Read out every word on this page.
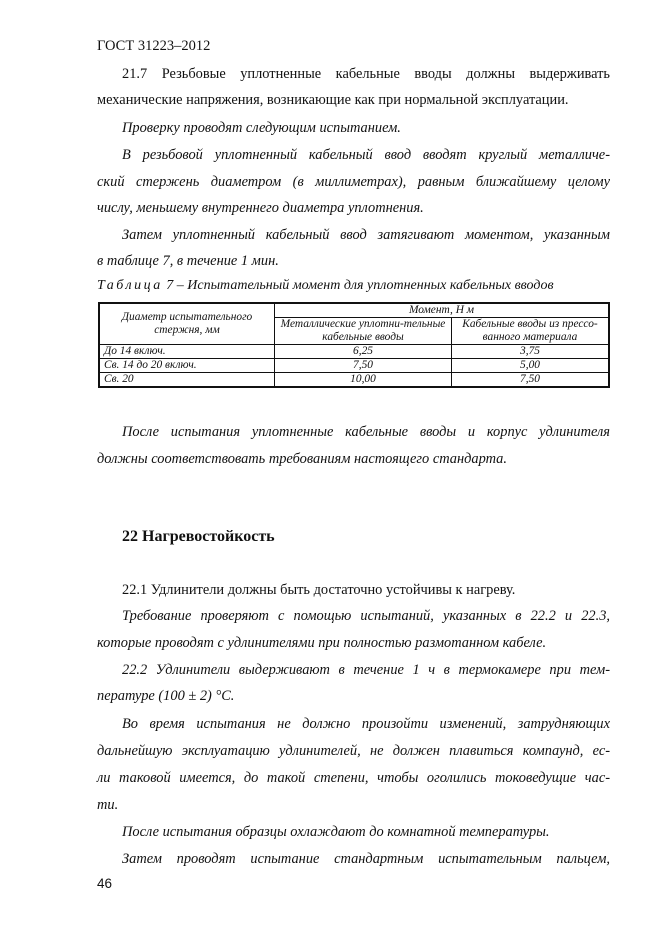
ГОСТ 31223–2012
21.7 Резьбовые уплотненные кабельные вводы должны выдерживать
механические напряжения, возникающие как при нормальной эксплуатации.
Проверку проводят следующим испытанием.
В резьбовой уплотненный кабельный ввод вводят круглый металличе-
ский стержень диаметром (в миллиметрах), равным ближайшему целому
числу, меньшему внутреннего диаметра уплотнения.
Затем уплотненный кабельный ввод затягивают моментом, указанным
в таблице 7, в течение 1 мин.
Таблица 7 – Испытательный момент для уплотненных кабельных вводов
Диаметр испытательного стержня, мм	Момент, Н м	
	Металлические уплотни-тельные кабельные вводы	Кабельные вводы из прессо-ванного материала
До 14 включ.	6,25	3,75
Св. 14 до 20 включ.	7,50	5,00
Св. 20	10,00	7,50
После испытания уплотненные кабельные вводы и корпус удлинителя
должны соответствовать требованиям настоящего стандарта.
22 Нагревостойкость
22.1 Удлинители должны быть достаточно устойчивы к нагреву.
Требование проверяют с помощью испытаний, указанных в 22.2 и 22.3,
которые проводят с удлинителями при полностью размотанном кабеле.
22.2 Удлинители выдерживают в течение 1 ч в термокамере при тем-
пературе (100 ± 2) °С.
Во время испытания не должно произойти изменений, затрудняющих
дальнейшую эксплуатацию удлинителей, не должен плавиться компаунд, ес-
ли таковой имеется, до такой степени, чтобы оголились токоведущие час-
ти.
После испытания образцы охлаждают до комнатной температуры.
Затем проводят испытание стандартным испытательным пальцем,
46
